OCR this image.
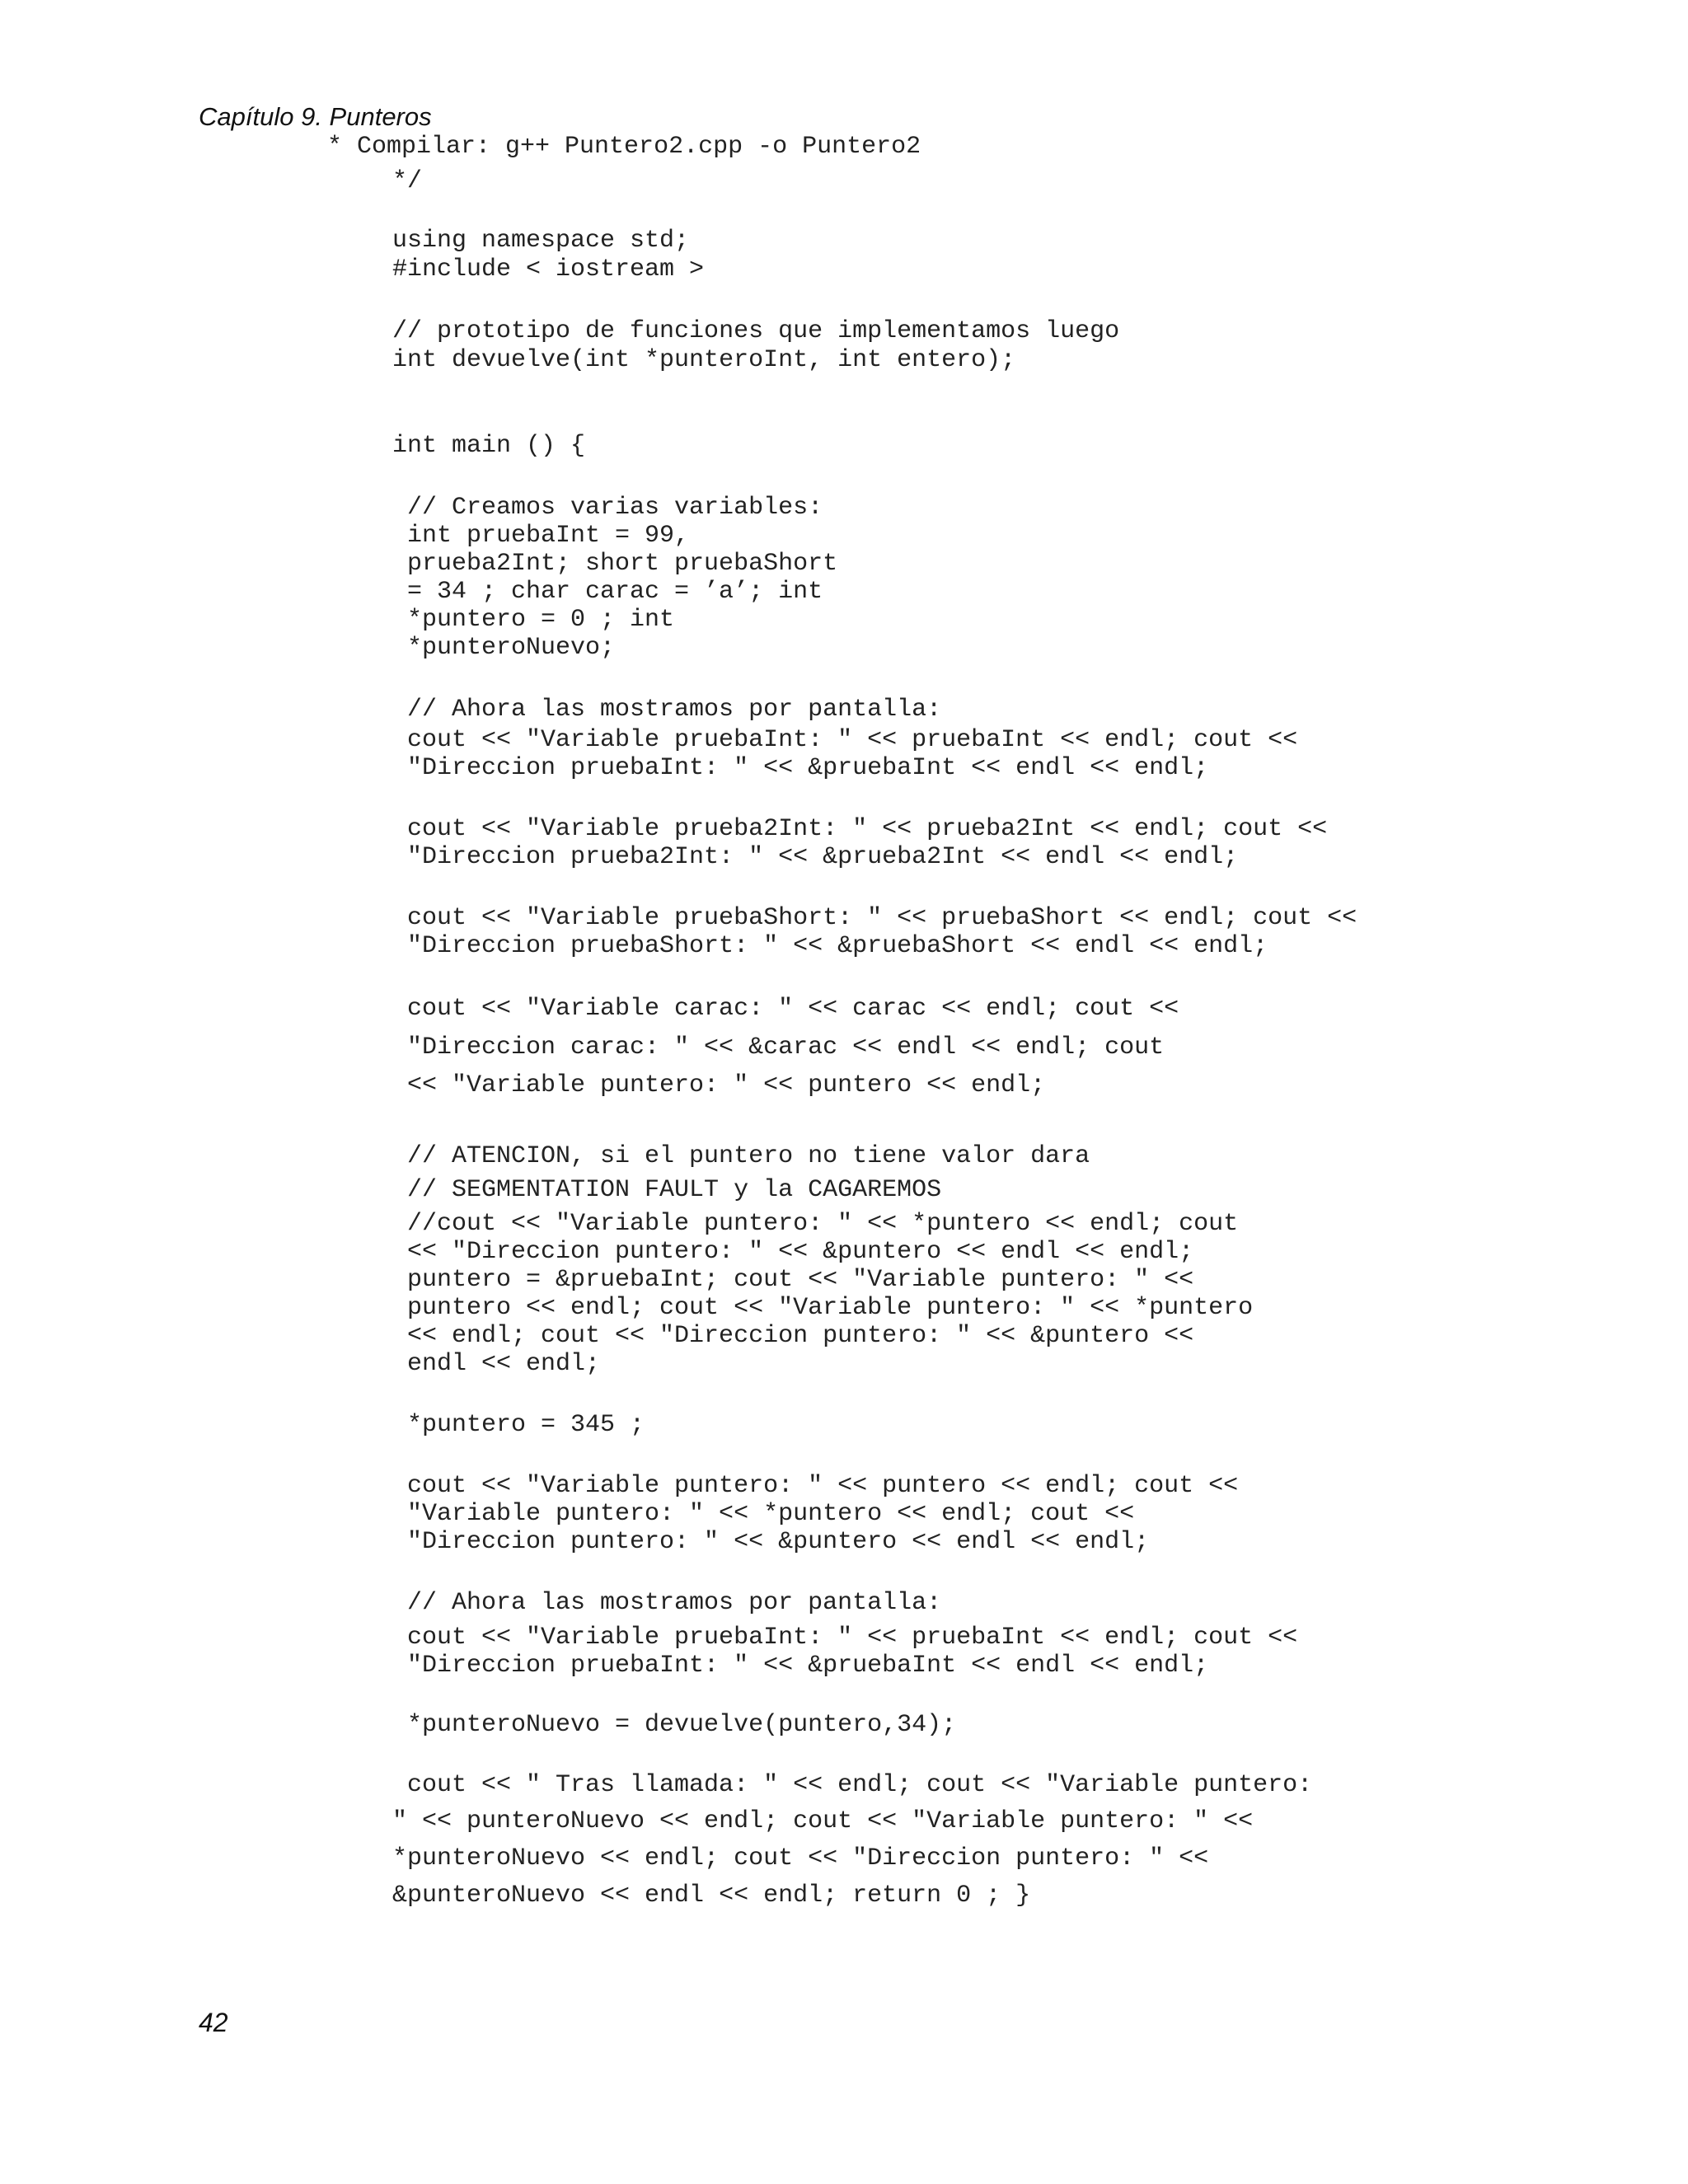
Capítulo 9. Punteros
* Compilar: g++ Puntero2.cpp -o Puntero2
*/
using namespace std;
#include < iostream >
// prototipo de funciones que implementamos luego
int devuelve(int *punteroInt, int entero);
int main () {
// Creamos varias variables:
int pruebaInt = 99,
prueba2Int; short pruebaShort
= 34 ; char carac = ’a’; int
*puntero = 0 ; int
*punteroNuevo;
// Ahora las mostramos por pantalla:
cout << "Variable pruebaInt: " << pruebaInt << endl; cout <<
"Direccion pruebaInt: " << &pruebaInt << endl << endl;
cout << "Variable prueba2Int: " << prueba2Int << endl; cout <<
"Direccion prueba2Int: " << &prueba2Int << endl << endl;
cout << "Variable pruebaShort: " << pruebaShort << endl; cout <<
"Direccion pruebaShort: " << &pruebaShort << endl << endl;
cout << "Variable carac: " << carac << endl; cout <<
"Direccion carac: " << &carac << endl << endl; cout
<< "Variable puntero: " << puntero << endl;
// ATENCION, si el puntero no tiene valor dara
// SEGMENTATION FAULT y la CAGAREMOS
//cout << "Variable puntero: " << *puntero << endl; cout
<< "Direccion puntero: " << &puntero << endl << endl;
puntero = &pruebaInt; cout << "Variable puntero: " <<
puntero << endl; cout << "Variable puntero: " << *puntero
<< endl; cout << "Direccion puntero: " << &puntero <<
endl << endl;
*puntero = 345 ;
cout << "Variable puntero: " << puntero << endl; cout <<
"Variable puntero: " << *puntero << endl; cout <<
"Direccion puntero: " << &puntero << endl << endl;
// Ahora las mostramos por pantalla:
cout << "Variable pruebaInt: " << pruebaInt << endl; cout <<
"Direccion pruebaInt: " << &pruebaInt << endl << endl;
*punteroNuevo = devuelve(puntero,34);
cout << " Tras llamada: " << endl; cout << "Variable puntero:
" << punteroNuevo << endl; cout << "Variable puntero: " <<
*punteroNuevo << endl; cout << "Direccion puntero: " <<
&punteroNuevo << endl << endl; return 0 ; }
42
